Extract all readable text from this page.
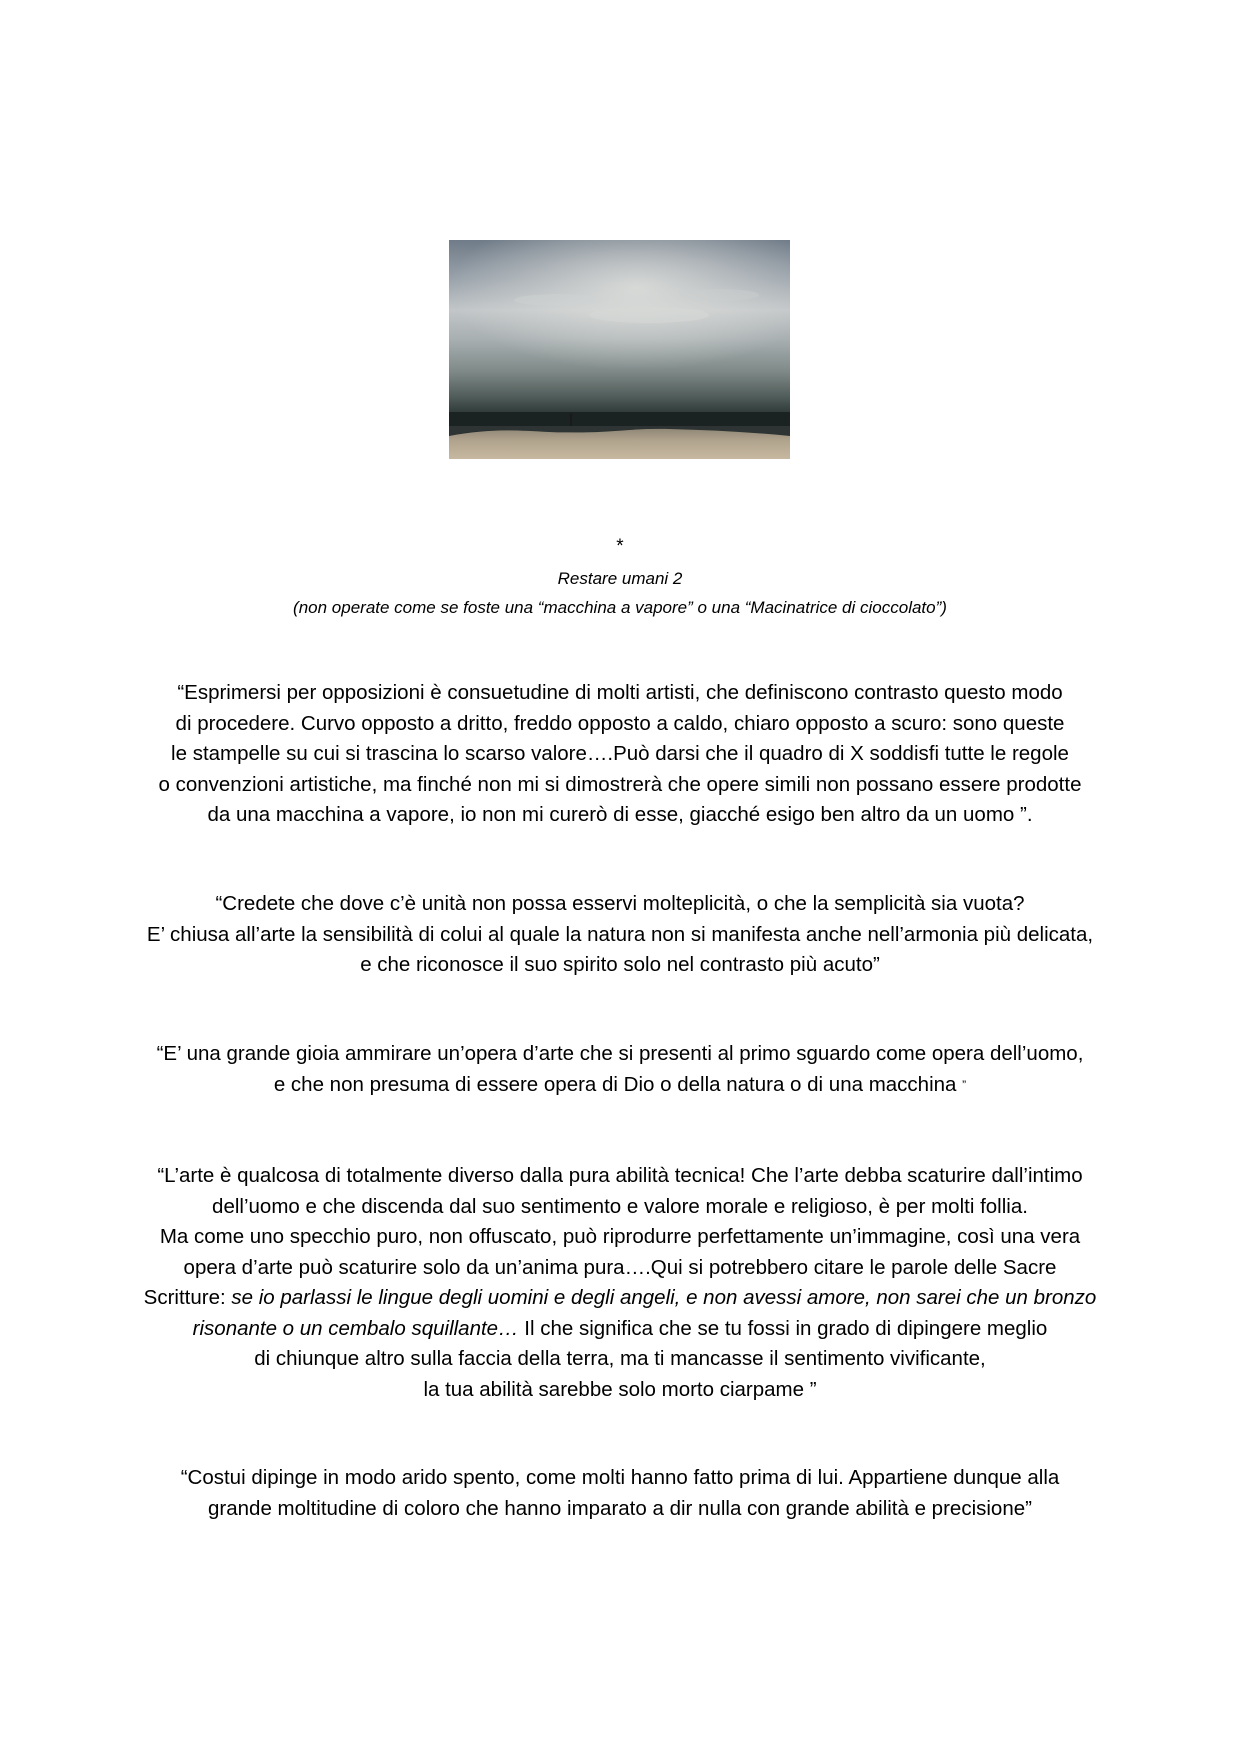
*
Restare umani 2
(non operate come se foste una “macchina a vapore” o una “Macinatrice di cioccolato”)
“Esprimersi per opposizioni è consuetudine di molti artisti, che definiscono contrasto questo modo
di procedere. Curvo opposto a dritto, freddo opposto a caldo, chiaro opposto a scuro: sono queste
le stampelle su cui si trascina lo scarso valore….Può darsi che il quadro di X soddisfi tutte le regole
o convenzioni artistiche, ma finché non mi si dimostrerà che opere simili non possano essere prodotte
da una macchina a vapore, io non mi curerò di esse, giacché esigo ben altro da un uomo ”.
“Credete che dove c’è unità non possa esservi molteplicità, o che la semplicità sia vuota?
E’ chiusa all’arte la sensibilità di colui al quale la natura non si manifesta anche nell’armonia più delicata,
e che riconosce il suo spirito solo nel contrasto più acuto”
“E’ una grande gioia ammirare un’opera d’arte che si presenti al primo sguardo come opera dell’uomo,
e che non presuma di essere opera di Dio o della natura o di una macchina ”
“L’arte è qualcosa di totalmente diverso dalla pura abilità tecnica! Che l’arte debba scaturire dall’intimo
dell’uomo e che discenda dal suo sentimento e valore morale e religioso, è per molti follia.
Ma come uno specchio puro, non offuscato, può riprodurre perfettamente un’immagine, così una vera
opera d’arte può scaturire solo da un’anima pura….Qui si potrebbero citare le parole delle Sacre
Scritture: se io parlassi le lingue degli uomini e degli angeli, e non avessi amore, non sarei che un bronzo
risonante o un cembalo squillante… Il che significa che se tu fossi in grado di dipingere meglio
di chiunque altro sulla faccia della terra, ma ti mancasse il sentimento vivificante,
la tua abilità sarebbe solo morto ciarpame ”
“Costui dipinge in modo arido spento, come molti hanno fatto prima di lui. Appartiene dunque alla
grande moltitudine di coloro che hanno imparato a dir nulla con grande abilità e precisione”
